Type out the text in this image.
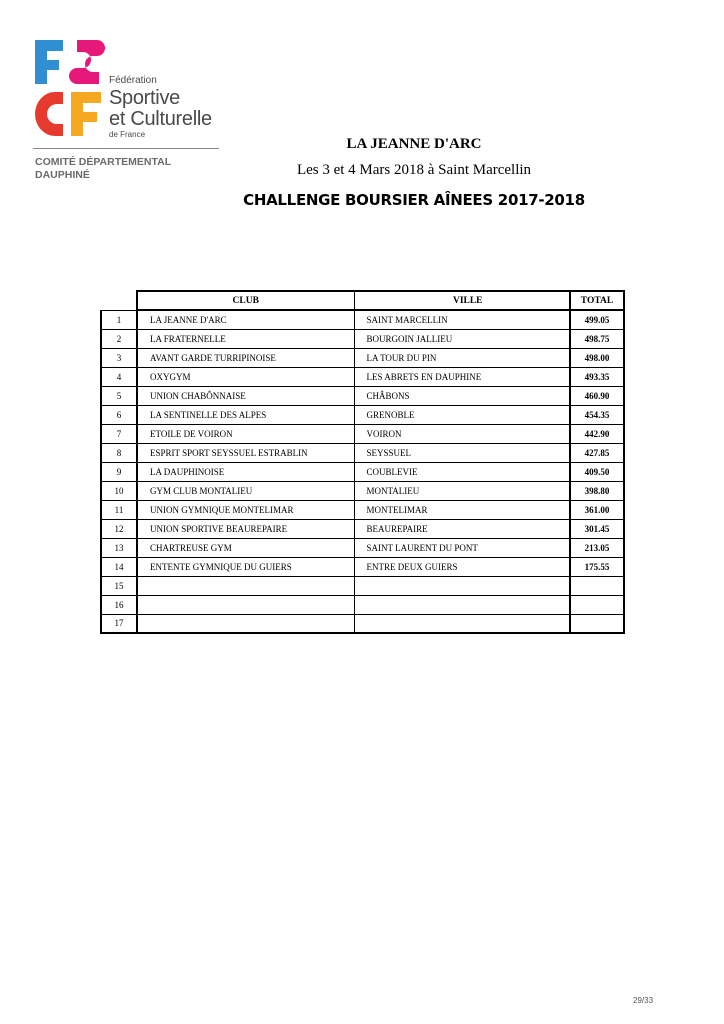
Fédération
Sportive
et Culturelle
de France
COMITÉ DÉPARTEMENTAL
DAUPHINÉ
LA JEANNE D'ARC
Les 3 et 4 Mars 2018 à Saint Marcellin
CHALLENGE BOURSIER AÎNEES 2017-2018
	CLUB	VILLE	TOTAL
1	LA JEANNE D'ARC	SAINT MARCELLIN	499.05
2	LA FRATERNELLE	BOURGOIN JALLIEU	498.75
3	AVANT GARDE TURRIPINOISE	LA TOUR DU PIN	498.00
4	OXYGYM	LES ABRETS EN DAUPHINE	493.35
5	UNION CHABÔNNAISE	CHÂBONS	460.90
6	LA SENTINELLE DES ALPES	GRENOBLE	454.35
7	ETOILE DE VOIRON	VOIRON	442.90
8	ESPRIT SPORT SEYSSUEL ESTRABLIN	SEYSSUEL	427.85
9	LA DAUPHINOISE	COUBLEVIE	409.50
10	GYM CLUB MONTALIEU	MONTALIEU	398.80
11	UNION GYMNIQUE MONTELIMAR	MONTELIMAR	361.00
12	UNION SPORTIVE BEAUREPAIRE	BEAUREPAIRE	301.45
13	CHARTREUSE GYM	SAINT LAURENT DU PONT	213.05
14	ENTENTE GYMNIQUE DU GUIERS	ENTRE DEUX GUIERS	175.55
15			
16			
17			
29/33
